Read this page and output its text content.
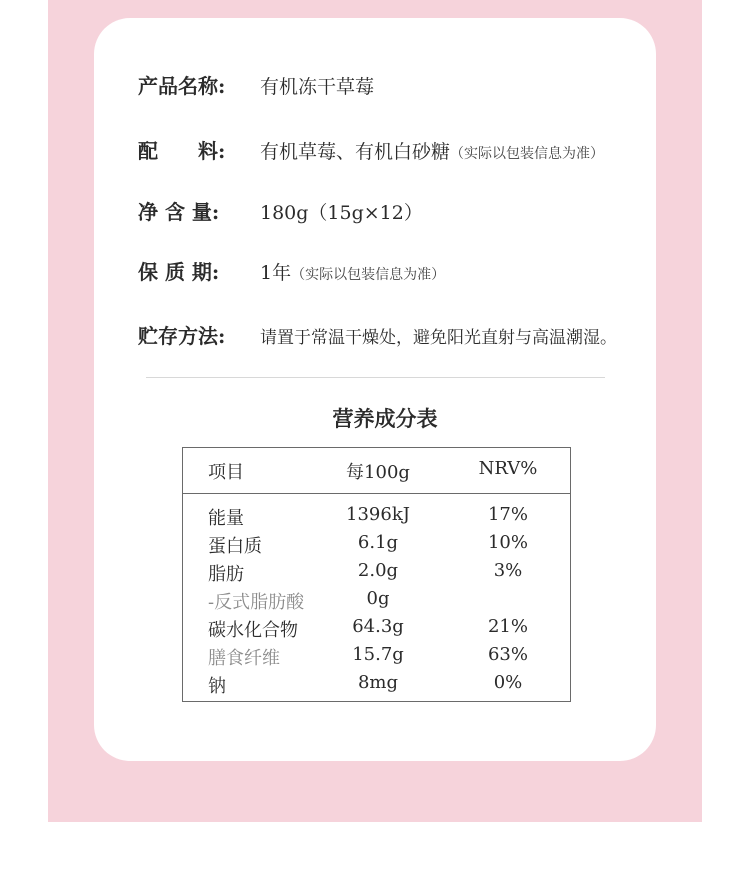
产品名称:	有机冻干草莓
配　　料:	有机草莓、有机白砂糖 （实际以包装信息为准）
净 含 量:	180g（15g×12）
保 质 期:	1年 （实际以包装信息为准）
贮存方法:	请置于常温干燥处，避免阳光直射与高温潮湿。
营养成分表
项目	每100g	NRV%
能量	1396kJ	17%
蛋白质	6.1g	10%
脂肪	2.0g	3%
-反式脂肪酸	0g
碳水化合物	64.3g	21%
膳食纤维	15.7g	63%
钠	8mg	0%
